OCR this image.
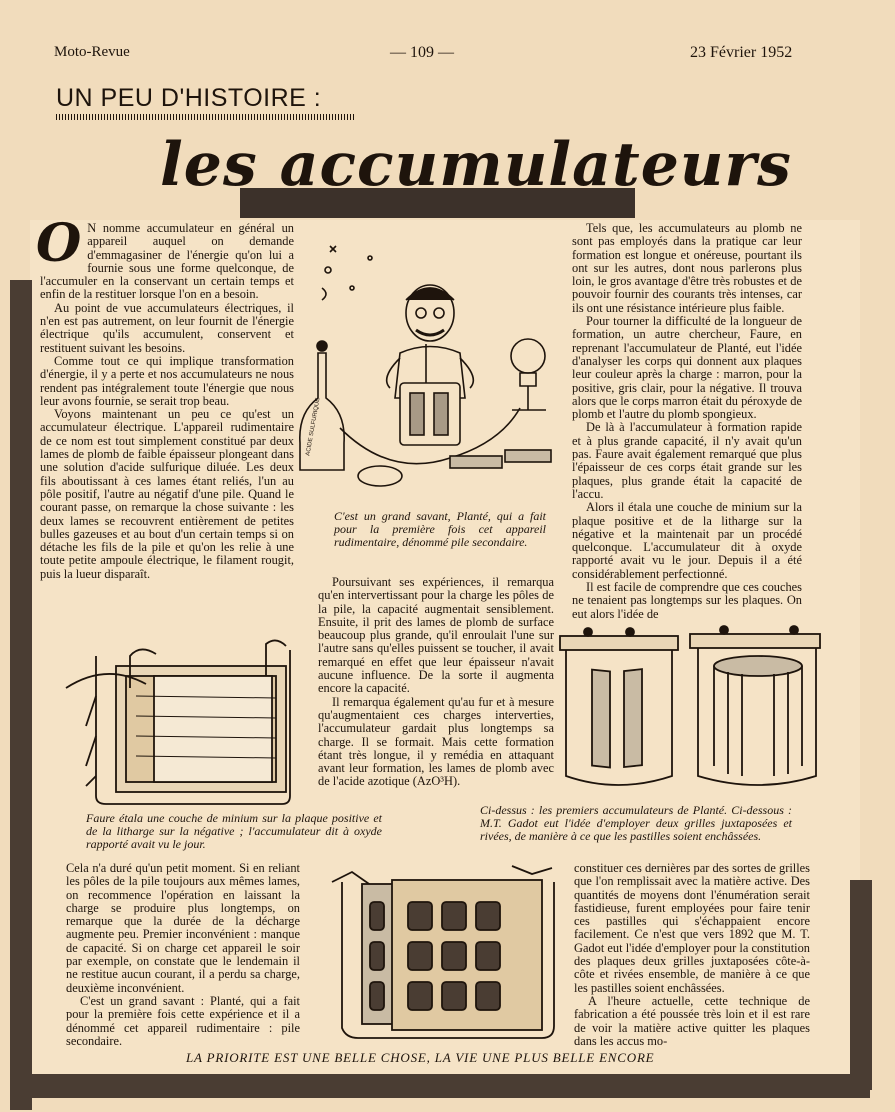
Moto-Revue	— 109 —	23 Février 1952
UN PEU D'HISTOIRE :
les accumulateurs
O N nomme accumulateur en général un appareil auquel on demande d'emmagasiner de l'énergie qu'on lui a fournie sous une forme quelconque, de l'accumuler en la conservant un certain temps et enfin de la restituer lorsque l'on en a besoin.

Au point de vue accumulateurs électriques, il n'en est pas autrement, on leur fournit de l'énergie électrique qu'ils accumulent, conservent et restituent suivant les besoins.

Comme tout ce qui implique transformation d'énergie, il y a perte et nos accumulateurs ne nous rendent pas intégralement toute l'énergie que nous leur avons fournie, se serait trop beau.

Voyons maintenant un peu ce qu'est un accumulateur électrique. L'appareil rudimentaire de ce nom est tout simplement constitué par deux lames de plomb de faible épaisseur plongeant dans une solution d'acide sulfurique diluée. Les deux fils aboutissant à ces lames étant reliés, l'un au pôle positif, l'autre au négatif d'une pile. Quand le courant passe, on remarque la chose suivante : les deux lames se recouvrent entièrement de petites bulles gazeuses et au bout d'un certain temps si on détache les fils de la pile et qu'on les relie à une toute petite ampoule électrique, le filament rougit, puis la lueur disparaît.

ACIDE SULFURIQUE
C'est un grand savant, Planté, qui a fait pour la première fois cet appareil rudimentaire, dénommé pile secondaire.

Poursuivant ses expériences, il remarqua qu'en intervertissant pour la charge les pôles de la pile, la capacité augmentait sensiblement. Ensuite, il prit des lames de plomb de surface beaucoup plus grande, qu'il enroulait l'une sur l'autre sans qu'elles puissent se toucher, il avait remarqué en effet que leur épaisseur n'avait aucune influence. De la sorte il augmenta encore la capacité.

Il remarqua également qu'au fur et à mesure qu'augmentaient ces charges interverties, l'accumulateur gardait plus longtemps sa charge. Il se formait. Mais cette formation étant très longue, il y remédia en attaquant avant leur formation, les lames de plomb avec de l'acide azotique (AzO³H).

Tels que, les accumulateurs au plomb ne sont pas employés dans la pratique car leur formation est longue et onéreuse, pourtant ils ont sur les autres, dont nous parlerons plus loin, le gros avantage d'être très robustes et de pouvoir fournir des courants très intenses, car ils ont une résistance intérieure plus faible.

Pour tourner la difficulté de la longueur de formation, un autre chercheur, Faure, en reprenant l'accumulateur de Planté, eut l'idée d'analyser les corps qui donnent aux plaques leur couleur après la charge : marron, pour la positive, gris clair, pour la négative. Il trouva alors que le corps marron était du péroxyde de plomb et l'autre du plomb spongieux.

De là à l'accumulateur à formation rapide et à plus grande capacité, il n'y avait qu'un pas. Faure avait également remarqué que plus l'épaisseur de ces corps était grande sur les plaques, plus grande était la capacité de l'accu.

Alors il étala une couche de minium sur la plaque positive et de la litharge sur la négative et la maintenait par un procédé quelconque. L'accumulateur dit à oxyde rapporté avait vu le jour. Depuis il a été considérablement perfectionné.

Il est facile de comprendre que ces couches ne tenaient pas longtemps sur les plaques. On eut alors l'idée de

Faure étala une couche de minium sur la plaque positive et de la litharge sur la négative ; l'accumulateur dit à oxyde rapporté avait vu le jour.
Ci-dessus : les premiers accumulateurs de Planté. Ci-dessous : M.T. Gadot eut l'idée d'employer deux grilles juxtaposées et rivées, de manière à ce que les pastilles soient enchâssées.

Cela n'a duré qu'un petit moment. Si en reliant les pôles de la pile toujours aux mêmes lames, on recommence l'opération en laissant la charge se produire plus longtemps, on remarque que la durée de la décharge augmente peu. Premier inconvénient : manque de capacité. Si on charge cet appareil le soir par exemple, on constate que le lendemain il ne restitue aucun courant, il a perdu sa charge, deuxième inconvénient.

C'est un grand savant : Planté, qui a fait pour la première fois cette expérience et il a dénommé cet appareil rudimentaire : pile secondaire.

constituer ces dernières par des sortes de grilles que l'on remplissait avec la matière active. Des quantités de moyens dont l'énumération serait fastidieuse, furent employées pour faire tenir ces pastilles qui s'échappaient encore facilement. Ce n'est que vers 1892 que M. T. Gadot eut l'idée d'employer pour la constitution des plaques deux grilles juxtaposées côte-à-côte et rivées ensemble, de manière à ce que les pastilles soient enchâssées.

A l'heure actuelle, cette technique de fabrication a été poussée très loin et il est rare de voir la matière active quitter les plaques dans les accus mo-

LA PRIORITE EST UNE BELLE CHOSE, LA VIE UNE PLUS BELLE ENCORE
